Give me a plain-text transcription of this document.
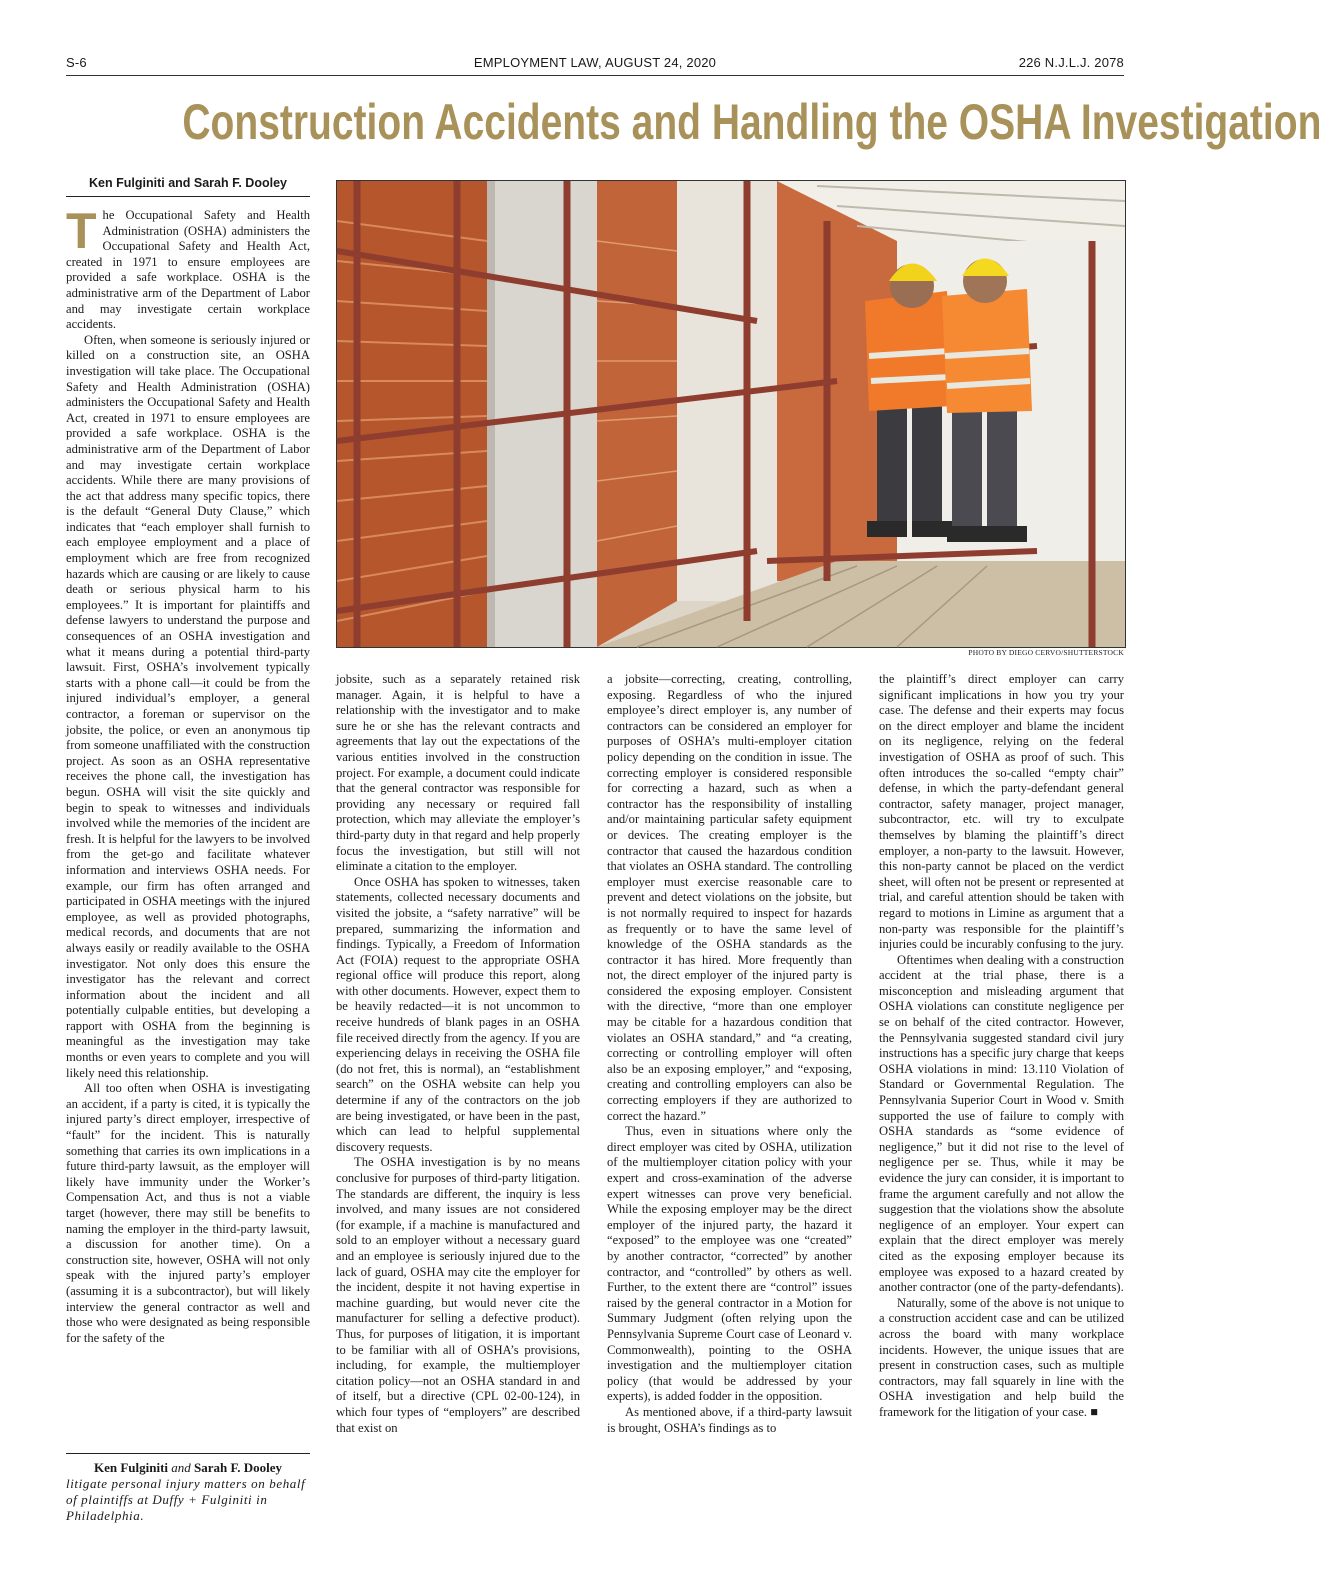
S-6	EMPLOYMENT LAW, AUGUST 24, 2020	226 N.J.L.J. 2078
Construction Accidents and Handling the OSHA Investigation
Ken Fulginiti and Sarah F. Dooley

The Occupational Safety and Health Administration (OSHA) administers the Occupational Safety and Health Act, created in 1971 to ensure employees are provided a safe workplace. OSHA is the administrative arm of the Department of Labor and may investigate certain workplace accidents.

Often, when someone is seriously injured or killed on a construction site, an OSHA investigation will take place. The Occupational Safety and Health Administration (OSHA) administers the Occupational Safety and Health Act, created in 1971 to ensure employees are provided a safe workplace. OSHA is the administrative arm of the Department of Labor and may investigate certain workplace accidents. While there are many provisions of the act that address many specific topics, there is the default “General Duty Clause,” which indicates that “each employer shall furnish to each employee employment and a place of employment which are free from recognized hazards which are causing or are likely to cause death or serious physical harm to his employees.” It is important for plaintiffs and defense lawyers to understand the purpose and consequences of an OSHA investigation and what it means during a potential third-party lawsuit. First, OSHA’s involvement typically starts with a phone call—it could be from the injured individual’s employer, a general contractor, a foreman or supervisor on the jobsite, the police, or even an anonymous tip from someone unaffiliated with the construction project. As soon as an OSHA representative receives the phone call, the investigation has begun. OSHA will visit the site quickly and begin to speak to witnesses and individuals involved while the memories of the incident are fresh. It is helpful for the lawyers to be involved from the get-go and facilitate whatever information and interviews OSHA needs. For example, our firm has often arranged and participated in OSHA meetings with the injured employee, as well as provided photographs, medical records, and documents that are not always easily or readily available to the OSHA investigator. Not only does this ensure the investigator has the relevant and correct information about the incident and all potentially culpable entities, but developing a rapport with OSHA from the beginning is meaningful as the investigation may take months or even years to complete and you will likely need this relationship.

All too often when OSHA is investigating an accident, if a party is cited, it is typically the injured party’s direct employer, irrespective of “fault” for the incident. This is naturally something that carries its own implications in a future third-party lawsuit, as the employer will likely have immunity under the Worker’s Compensation Act, and thus is not a viable target (however, there may still be benefits to naming the employer in the third-party lawsuit, a discussion for another time). On a construction site, however, OSHA will not only speak with the injured party’s employer (assuming it is a subcontractor), but will likely interview the general contractor as well and those who were designated as being responsible for the safety of the

PHOTO BY DIEGO CERVO/SHUTTERSTOCK

jobsite, such as a separately retained risk manager. Again, it is helpful to have a relationship with the investigator and to make sure he or she has the relevant contracts and agreements that lay out the expectations of the various entities involved in the construction project. For example, a document could indicate that the general contractor was responsible for providing any necessary or required fall protection, which may alleviate the employer’s third-party duty in that regard and help properly focus the investigation, but still will not eliminate a citation to the employer.

Once OSHA has spoken to witnesses, taken statements, collected necessary documents and visited the jobsite, a “safety narrative” will be prepared, summarizing the information and findings. Typically, a Freedom of Information Act (FOIA) request to the appropriate OSHA regional office will produce this report, along with other documents. However, expect them to be heavily redacted—it is not uncommon to receive hundreds of blank pages in an OSHA file received directly from the agency. If you are experiencing delays in receiving the OSHA file (do not fret, this is normal), an “establishment search” on the OSHA website can help you determine if any of the contractors on the job are being investigated, or have been in the past, which can lead to helpful supplemental discovery requests.

The OSHA investigation is by no means conclusive for purposes of third-party litigation. The standards are different, the inquiry is less involved, and many issues are not considered (for example, if a machine is manufactured and sold to an employer without a necessary guard and an employee is seriously injured due to the lack of guard, OSHA may cite the employer for the incident, despite it not having expertise in machine guarding, but would never cite the manufacturer for selling a defective product). Thus, for purposes of litigation, it is important to be familiar with all of OSHA’s provisions, including, for example, the multiemployer citation policy—not an OSHA standard in and of itself, but a directive (CPL 02-00-124), in which four types of “employers” are described that exist on

a jobsite—correcting, creating, controlling, exposing. Regardless of who the injured employee’s direct employer is, any number of contractors can be considered an employer for purposes of OSHA’s multi-employer citation policy depending on the condition in issue. The correcting employer is considered responsible for correcting a hazard, such as when a contractor has the responsibility of installing and/or maintaining particular safety equipment or devices. The creating employer is the contractor that caused the hazardous condition that violates an OSHA standard. The controlling employer must exercise reasonable care to prevent and detect violations on the jobsite, but is not normally required to inspect for hazards as frequently or to have the same level of knowledge of the OSHA standards as the contractor it has hired. More frequently than not, the direct employer of the injured party is considered the exposing employer. Consistent with the directive, “more than one employer may be citable for a hazardous condition that violates an OSHA standard,” and “a creating, correcting or controlling employer will often also be an exposing employer,” and “exposing, creating and controlling employers can also be correcting employers if they are authorized to correct the hazard.”

Thus, even in situations where only the direct employer was cited by OSHA, utilization of the multiemployer citation policy with your expert and cross-examination of the adverse expert witnesses can prove very beneficial. While the exposing employer may be the direct employer of the injured party, the hazard it “exposed” to the employee was one “created” by another contractor, “corrected” by another contractor, and “controlled” by others as well. Further, to the extent there are “control” issues raised by the general contractor in a Motion for Summary Judgment (often relying upon the Pennsylvania Supreme Court case of Leonard v. Commonwealth), pointing to the OSHA investigation and the multiemployer citation policy (that would be addressed by your experts), is added fodder in the opposition.

As mentioned above, if a third-party lawsuit is brought, OSHA’s findings as to

the plaintiff’s direct employer can carry significant implications in how you try your case. The defense and their experts may focus on the direct employer and blame the incident on its negligence, relying on the federal investigation of OSHA as proof of such. This often introduces the so-called “empty chair” defense, in which the party-defendant general contractor, safety manager, project manager, subcontractor, etc. will try to exculpate themselves by blaming the plaintiff’s direct employer, a non-party to the lawsuit. However, this non-party cannot be placed on the verdict sheet, will often not be present or represented at trial, and careful attention should be taken with regard to motions in Limine as argument that a non-party was responsible for the plaintiff’s injuries could be incurably confusing to the jury.

Oftentimes when dealing with a construction accident at the trial phase, there is a misconception and misleading argument that OSHA violations can constitute negligence per se on behalf of the cited contractor. However, the Pennsylvania suggested standard civil jury instructions has a specific jury charge that keeps OSHA violations in mind: 13.110 Violation of Standard or Governmental Regulation. The Pennsylvania Superior Court in Wood v. Smith supported the use of failure to comply with OSHA standards as “some evidence of negligence,” but it did not rise to the level of negligence per se. Thus, while it may be evidence the jury can consider, it is important to frame the argument carefully and not allow the suggestion that the violations show the absolute negligence of an employer. Your expert can explain that the direct employer was merely cited as the exposing employer because its employee was exposed to a hazard created by another contractor (one of the party-defendants).

Naturally, some of the above is not unique to a construction accident case and can be utilized across the board with many workplace incidents. However, the unique issues that are present in construction cases, such as multiple contractors, may fall squarely in line with the OSHA investigation and help build the framework for the litigation of your case. ■

Ken Fulginiti and Sarah F. Dooley
litigate personal injury matters on behalf of plaintiffs at Duffy + Fulginiti in Philadelphia.
